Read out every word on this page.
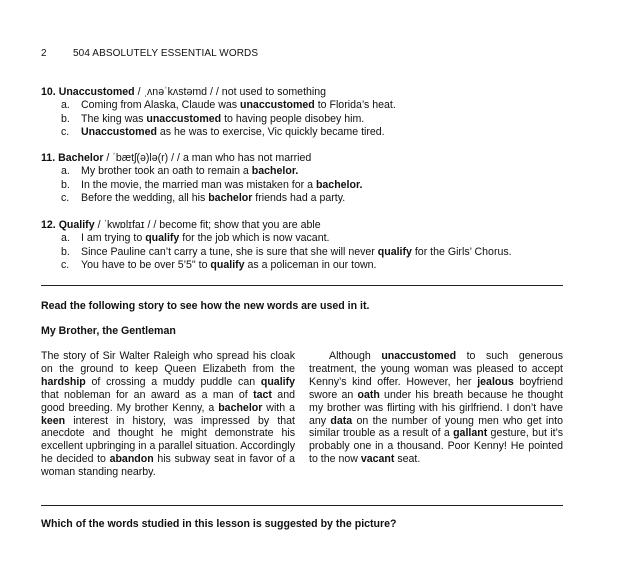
2	504 ABSOLUTELY ESSENTIAL WORDS
10. Unaccustomed / ˌʌnəˈkʌstəmd / / not used to something
a. Coming from Alaska, Claude was unaccustomed to Florida’s heat.
b. The king was unaccustomed to having people disobey him.
c. Unaccustomed as he was to exercise, Vic quickly became tired.
11. Bachelor / ˈbætʃ(ə)lə(r) / / a man who has not married
a. My brother took an oath to remain a bachelor.
b. In the movie, the married man was mistaken for a bachelor.
c. Before the wedding, all his bachelor friends had a party.
12. Qualify / ˈkwɒlɪfaɪ / / become fit; show that you are able
a. I am trying to qualify for the job which is now vacant.
b. Since Pauline can’t carry a tune, she is sure that she will never qualify for the Girls’ Chorus.
c. You have to be over 5’5" to qualify as a policeman in our town.
Read the following story to see how the new words are used in it.
My Brother, the Gentleman

The story of Sir Walter Raleigh who spread his cloak on the ground to keep Queen Elizabeth from the hardship of crossing a muddy puddle can qualify that nobleman for an award as a man of tact and good breeding. My brother Kenny, a bachelor with a keen interest in history, was impressed by that anecdote and thought he might demonstrate his excellent upbringing in a parallel situation. Accordingly he decided to abandon his subway seat in favor of a woman standing nearby.

Although unaccustomed to such generous treatment, the young woman was pleased to accept Kenny’s kind offer. However, her jealous boyfriend swore an oath under his breath because he thought my brother was flirting with his girlfriend. I don’t have any data on the number of young men who get into similar trouble as a result of a gallant gesture, but it’s probably one in a thousand. Poor Kenny! He pointed to the now vacant seat.

Which of the words studied in this lesson is suggested by the picture?
